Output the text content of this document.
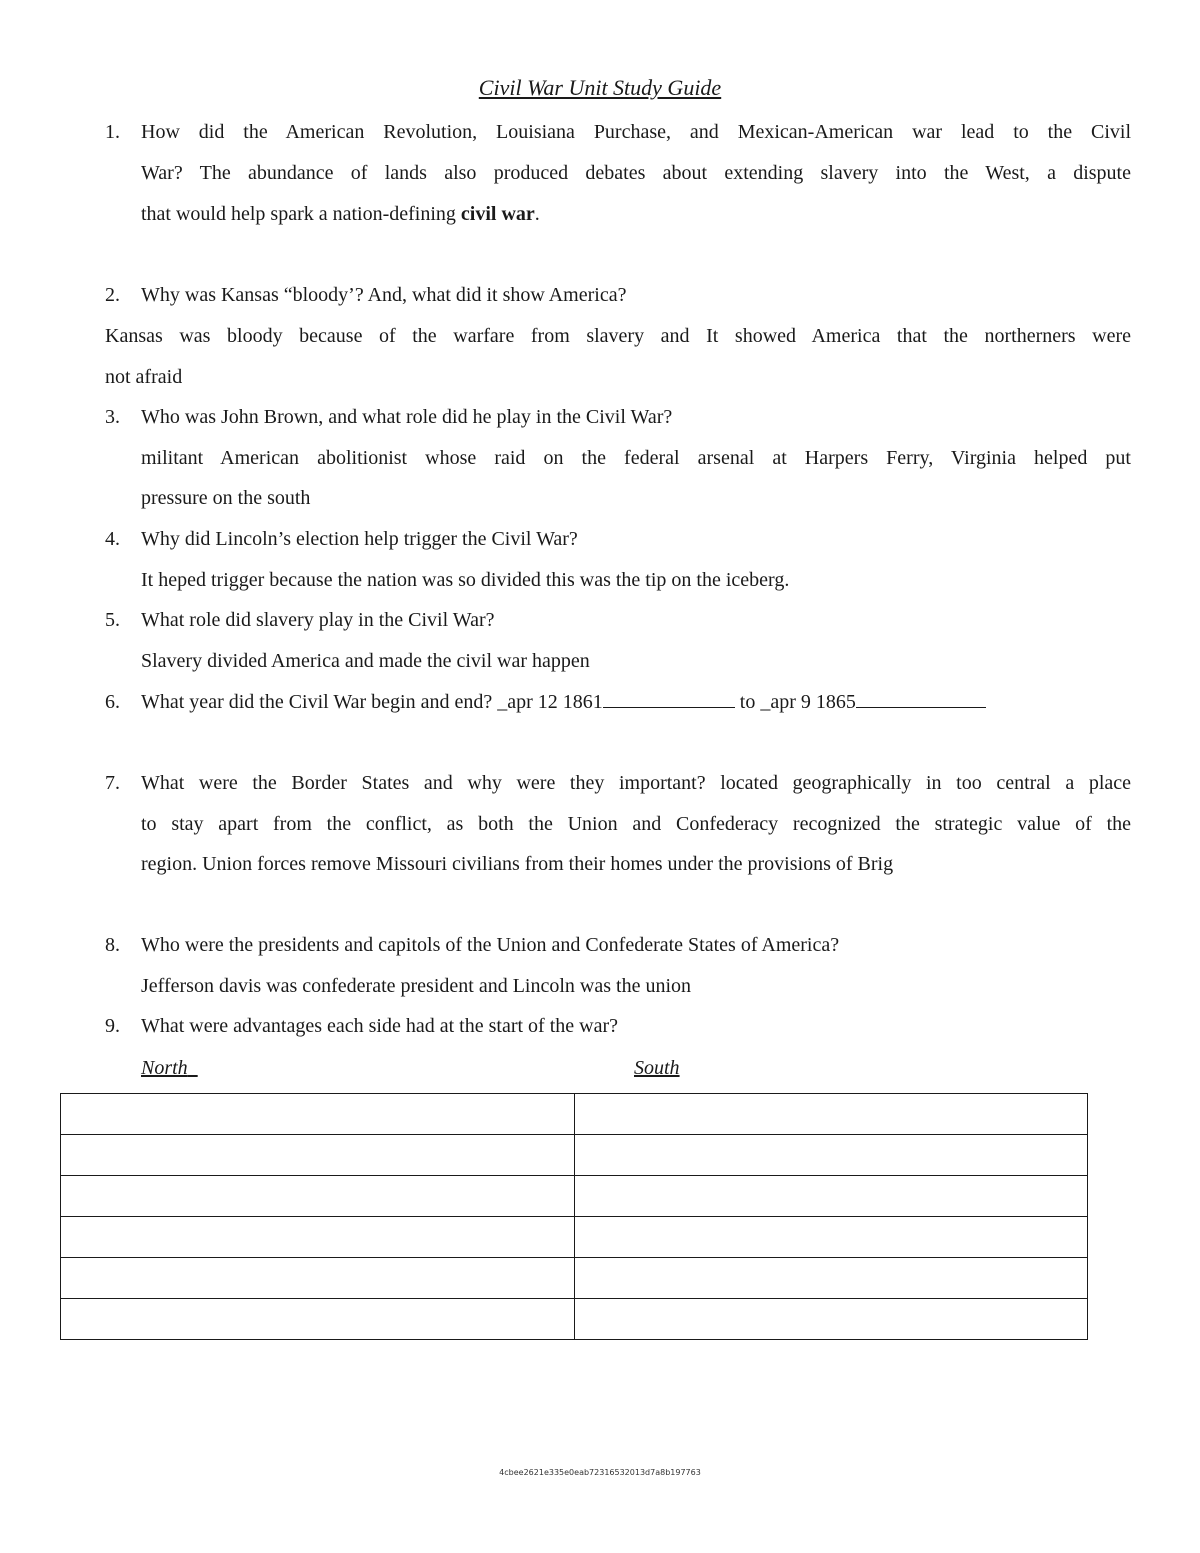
Civil War Unit Study Guide
1. How did the American Revolution, Louisiana Purchase, and Mexican-American war lead to the Civil
War? The abundance of lands also produced debates about extending slavery into the West, a dispute
that would help spark a nation-defining civil war.
2. Why was Kansas “bloody’? And, what did it show America?
Kansas was bloody because of the warfare from slavery and It showed America that the northerners were
not afraid
3. Who was John Brown, and what role did he play in the Civil War?
militant American abolitionist whose raid on the federal arsenal at Harpers Ferry, Virginia helped put
pressure on the south
4. Why did Lincoln’s election help trigger the Civil War?
It heped trigger because the nation was so divided this was the tip on the iceberg.
5. What role did slavery play in the Civil War?
Slavery divided America and made the civil war happen
6. What year did the Civil War begin and end? _apr 12 1861	to _apr 9 1865
7. What were the Border States and why were they important? located geographically in too central a place
to stay apart from the conflict, as both the Union and Confederacy recognized the strategic value of the
region. Union forces remove Missouri civilians from their homes under the provisions of Brig
8. Who were the presidents and capitols of the Union and Confederate States of America?
Jefferson davis was confederate president and Lincoln was the union
9. What were advantages each side had at the start of the war?
North	South

4cbee2621e335e0eab72316532013d7a8b197763
